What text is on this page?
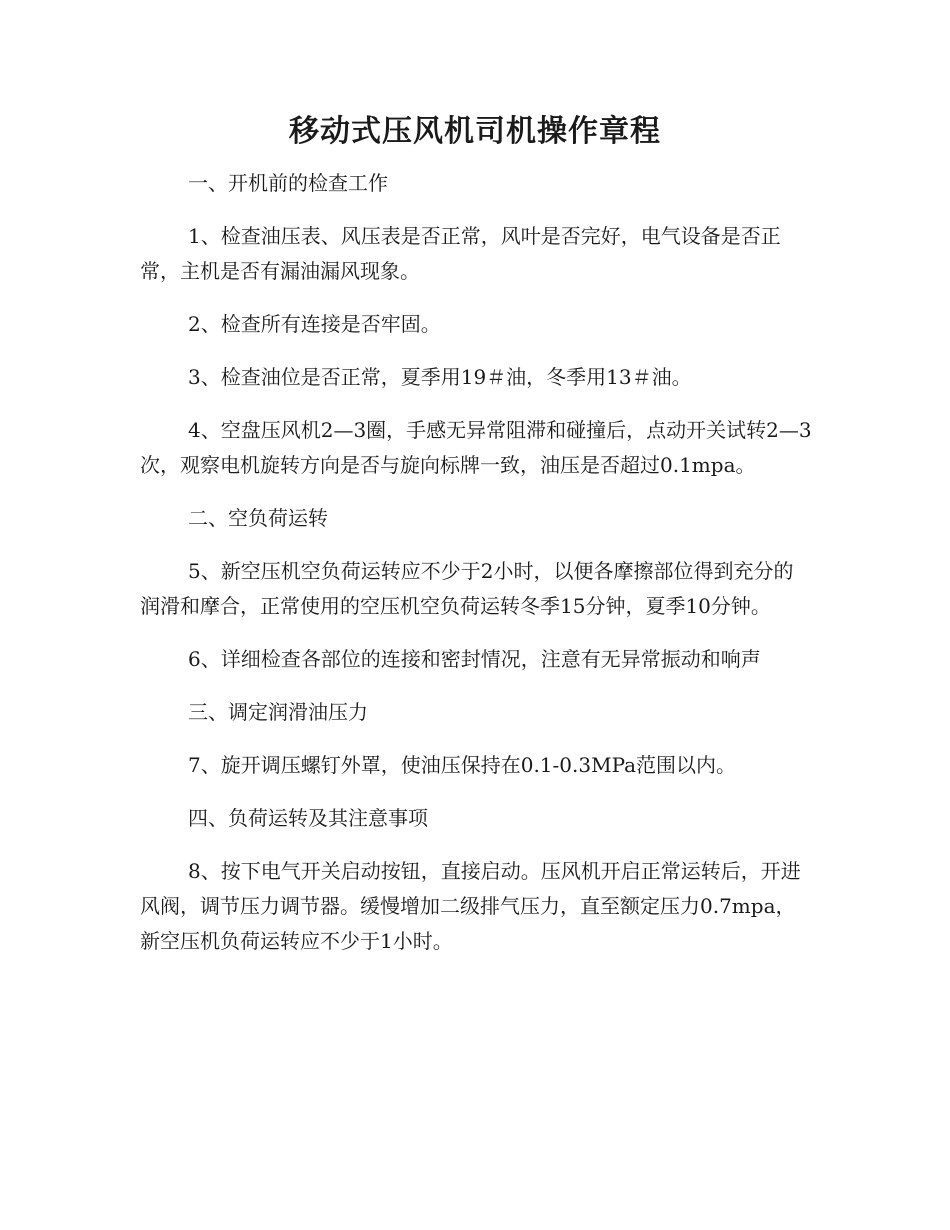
移动式压风机司机操作章程

一、开机前的检查工作

1、检查油压表、风压表是否正常，风叶是否完好，电气设备是否正常，主机是否有漏油漏风现象。

2、检查所有连接是否牢固。

3、检查油位是否正常，夏季用19＃油，冬季用13＃油。

4、空盘压风机2—3圈，手感无异常阻滞和碰撞后，点动开关试转2—3次，观察电机旋转方向是否与旋向标牌一致，油压是否超过0.1mpa。

二、空负荷运转

5、新空压机空负荷运转应不少于2小时，以便各摩擦部位得到充分的润滑和摩合，正常使用的空压机空负荷运转冬季15分钟，夏季10分钟。

6、详细检查各部位的连接和密封情况，注意有无异常振动和响声

三、调定润滑油压力

7、旋开调压螺钉外罩，使油压保持在0.1-0.3MPa范围以内。

四、负荷运转及其注意事项

8、按下电气开关启动按钮，直接启动。压风机开启正常运转后，开进风阀，调节压力调节器。缓慢增加二级排气压力，直至额定压力0.7mpa，新空压机负荷运转应不少于1小时。
